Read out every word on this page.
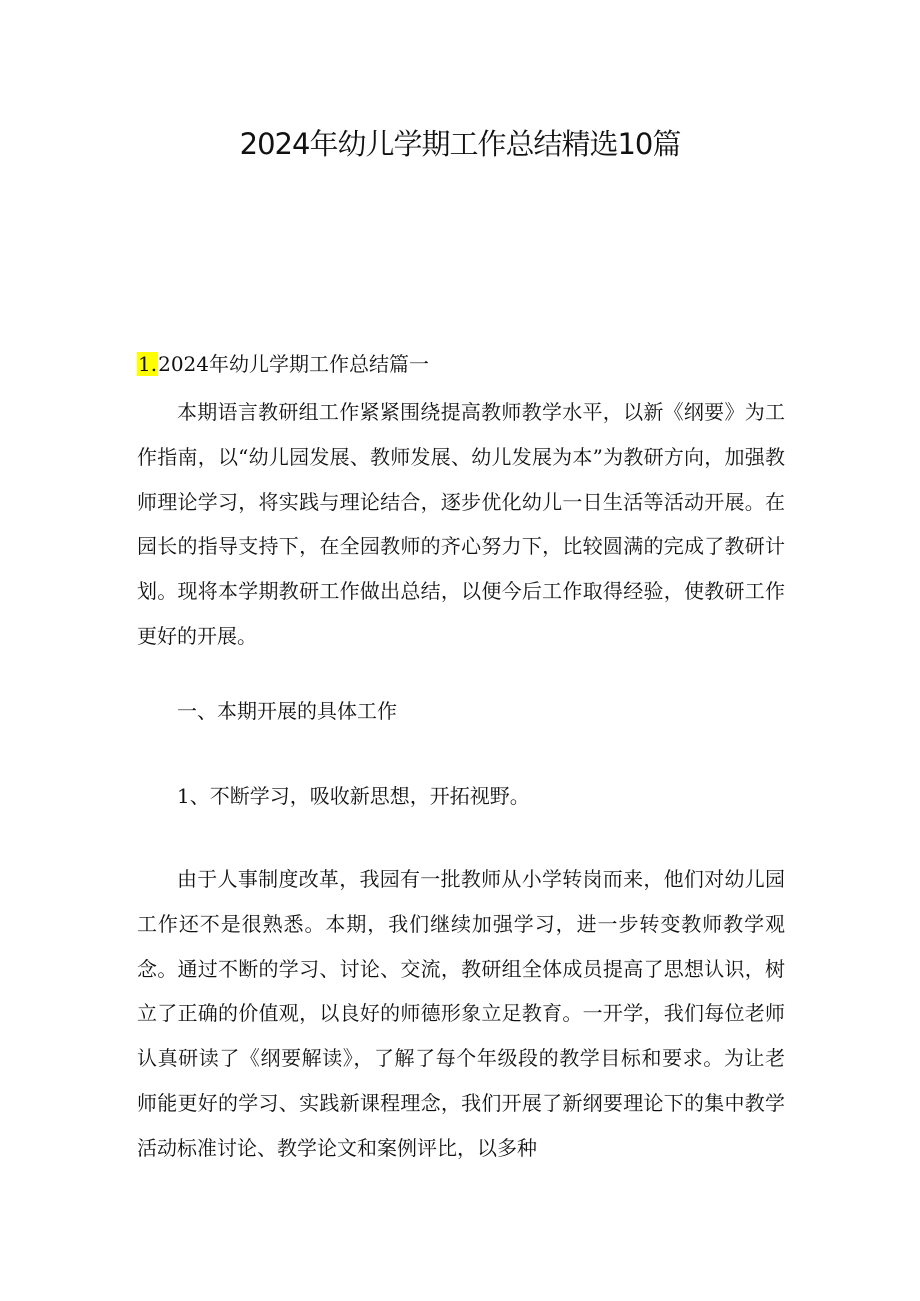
2024年幼儿学期工作总结精选10篇
1.2024年幼儿学期工作总结篇一

本期语言教研组工作紧紧围绕提高教师教学水平，以新《纲要》为工作指南，以“幼儿园发展、教师发展、幼儿发展为本”为教研方向，加强教师理论学习，将实践与理论结合，逐步优化幼儿一日生活等活动开展。在园长的指导支持下，在全园教师的齐心努力下，比较圆满的完成了教研计划。现将本学期教研工作做出总结，以便今后工作取得经验，使教研工作更好的开展。

一、本期开展的具体工作

1、不断学习，吸收新思想，开拓视野。

由于人事制度改革，我园有一批教师从小学转岗而来，他们对幼儿园工作还不是很熟悉。本期，我们继续加强学习，进一步转变教师教学观念。通过不断的学习、讨论、交流，教研组全体成员提高了思想认识，树立了正确的价值观，以良好的师德形象立足教育。一开学，我们每位老师认真研读了《纲要解读》，了解了每个年级段的教学目标和要求。为让老师能更好的学习、实践新课程理念，我们开展了新纲要理论下的集中教学活动标准讨论、教学论文和案例评比，以多种
